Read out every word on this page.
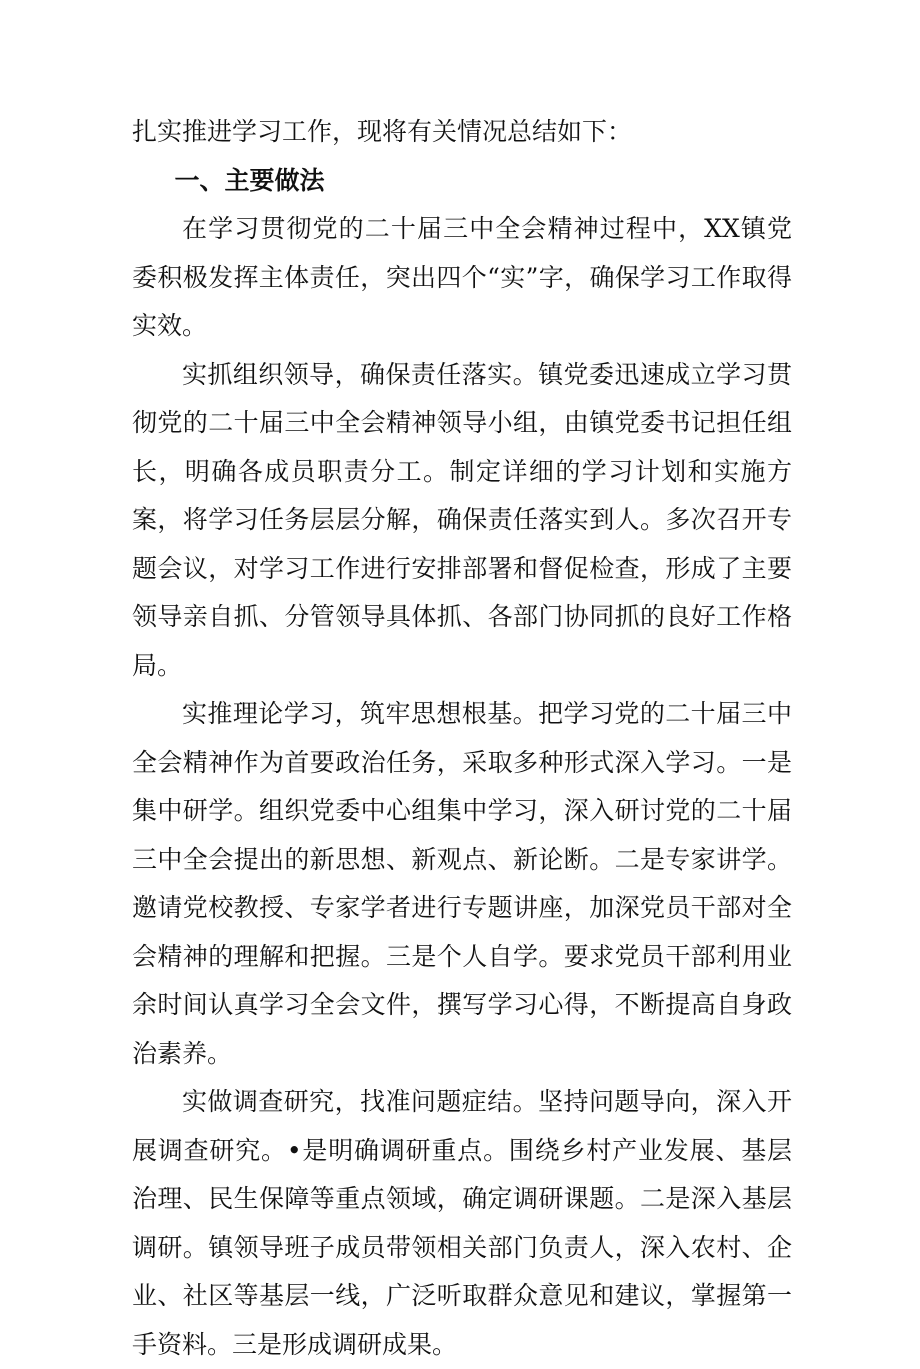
扎实推进学习工作，现将有关情况总结如下：

一、主要做法

在学习贯彻党的二十届三中全会精神过程中，XX镇党委积极发挥主体责任，突出四个“实”字，确保学习工作取得实效。

实抓组织领导，确保责任落实。镇党委迅速成立学习贯彻党的二十届三中全会精神领导小组，由镇党委书记担任组长，明确各成员职责分工。制定详细的学习计划和实施方案，将学习任务层层分解，确保责任落实到人。多次召开专题会议，对学习工作进行安排部署和督促检查，形成了主要领导亲自抓、分管领导具体抓、各部门协同抓的良好工作格局。

实推理论学习，筑牢思想根基。把学习党的二十届三中全会精神作为首要政治任务，采取多种形式深入学习。一是集中研学。组织党委中心组集中学习，深入研讨党的二十届三中全会提出的新思想、新观点、新论断。二是专家讲学。邀请党校教授、专家学者进行专题讲座，加深党员干部对全会精神的理解和把握。三是个人自学。要求党员干部利用业余时间认真学习全会文件，撰写学习心得，不断提高自身政治素养。

实做调查研究，找准问题症结。坚持问题导向，深入开展调查研究。•是明确调研重点。围绕乡村产业发展、基层治理、民生保障等重点领域，确定调研课题。二是深入基层调研。镇领导班子成员带领相关部门负责人，深入农村、企业、社区等基层一线，广泛听取群众意见和建议，掌握第一手资料。三是形成调研成果。
